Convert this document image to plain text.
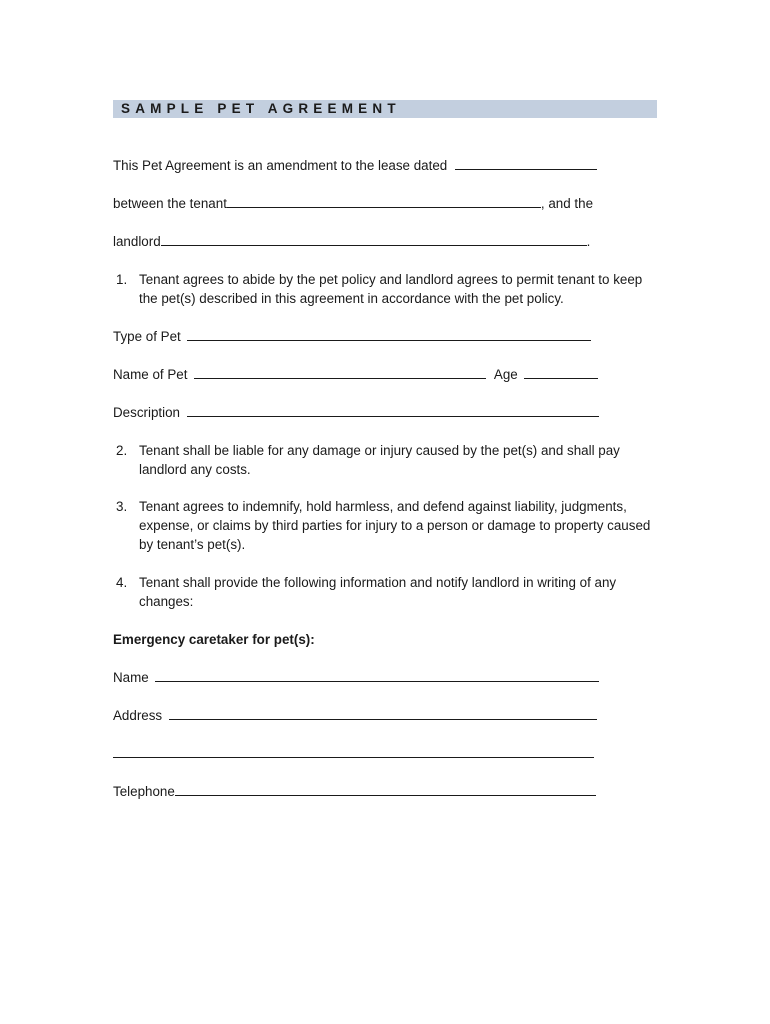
SAMPLE PET AGREEMENT
This Pet Agreement is an amendment to the lease dated
between the tenant	, and the
landlord	.
1. Tenant agrees to abide by the pet policy and landlord agrees to permit tenant to keep the pet(s) described in this agreement in accordance with the pet policy.
Type of Pet
Name of Pet	Age
Description
2. Tenant shall be liable for any damage or injury caused by the pet(s) and shall pay landlord any costs.
3. Tenant agrees to indemnify, hold harmless, and defend against liability, judgments, expense, or claims by third parties for injury to a person or damage to property caused by tenant’s pet(s).
4. Tenant shall provide the following information and notify landlord in writing of any changes:
Emergency caretaker for pet(s):
Name
Address
Telephone
